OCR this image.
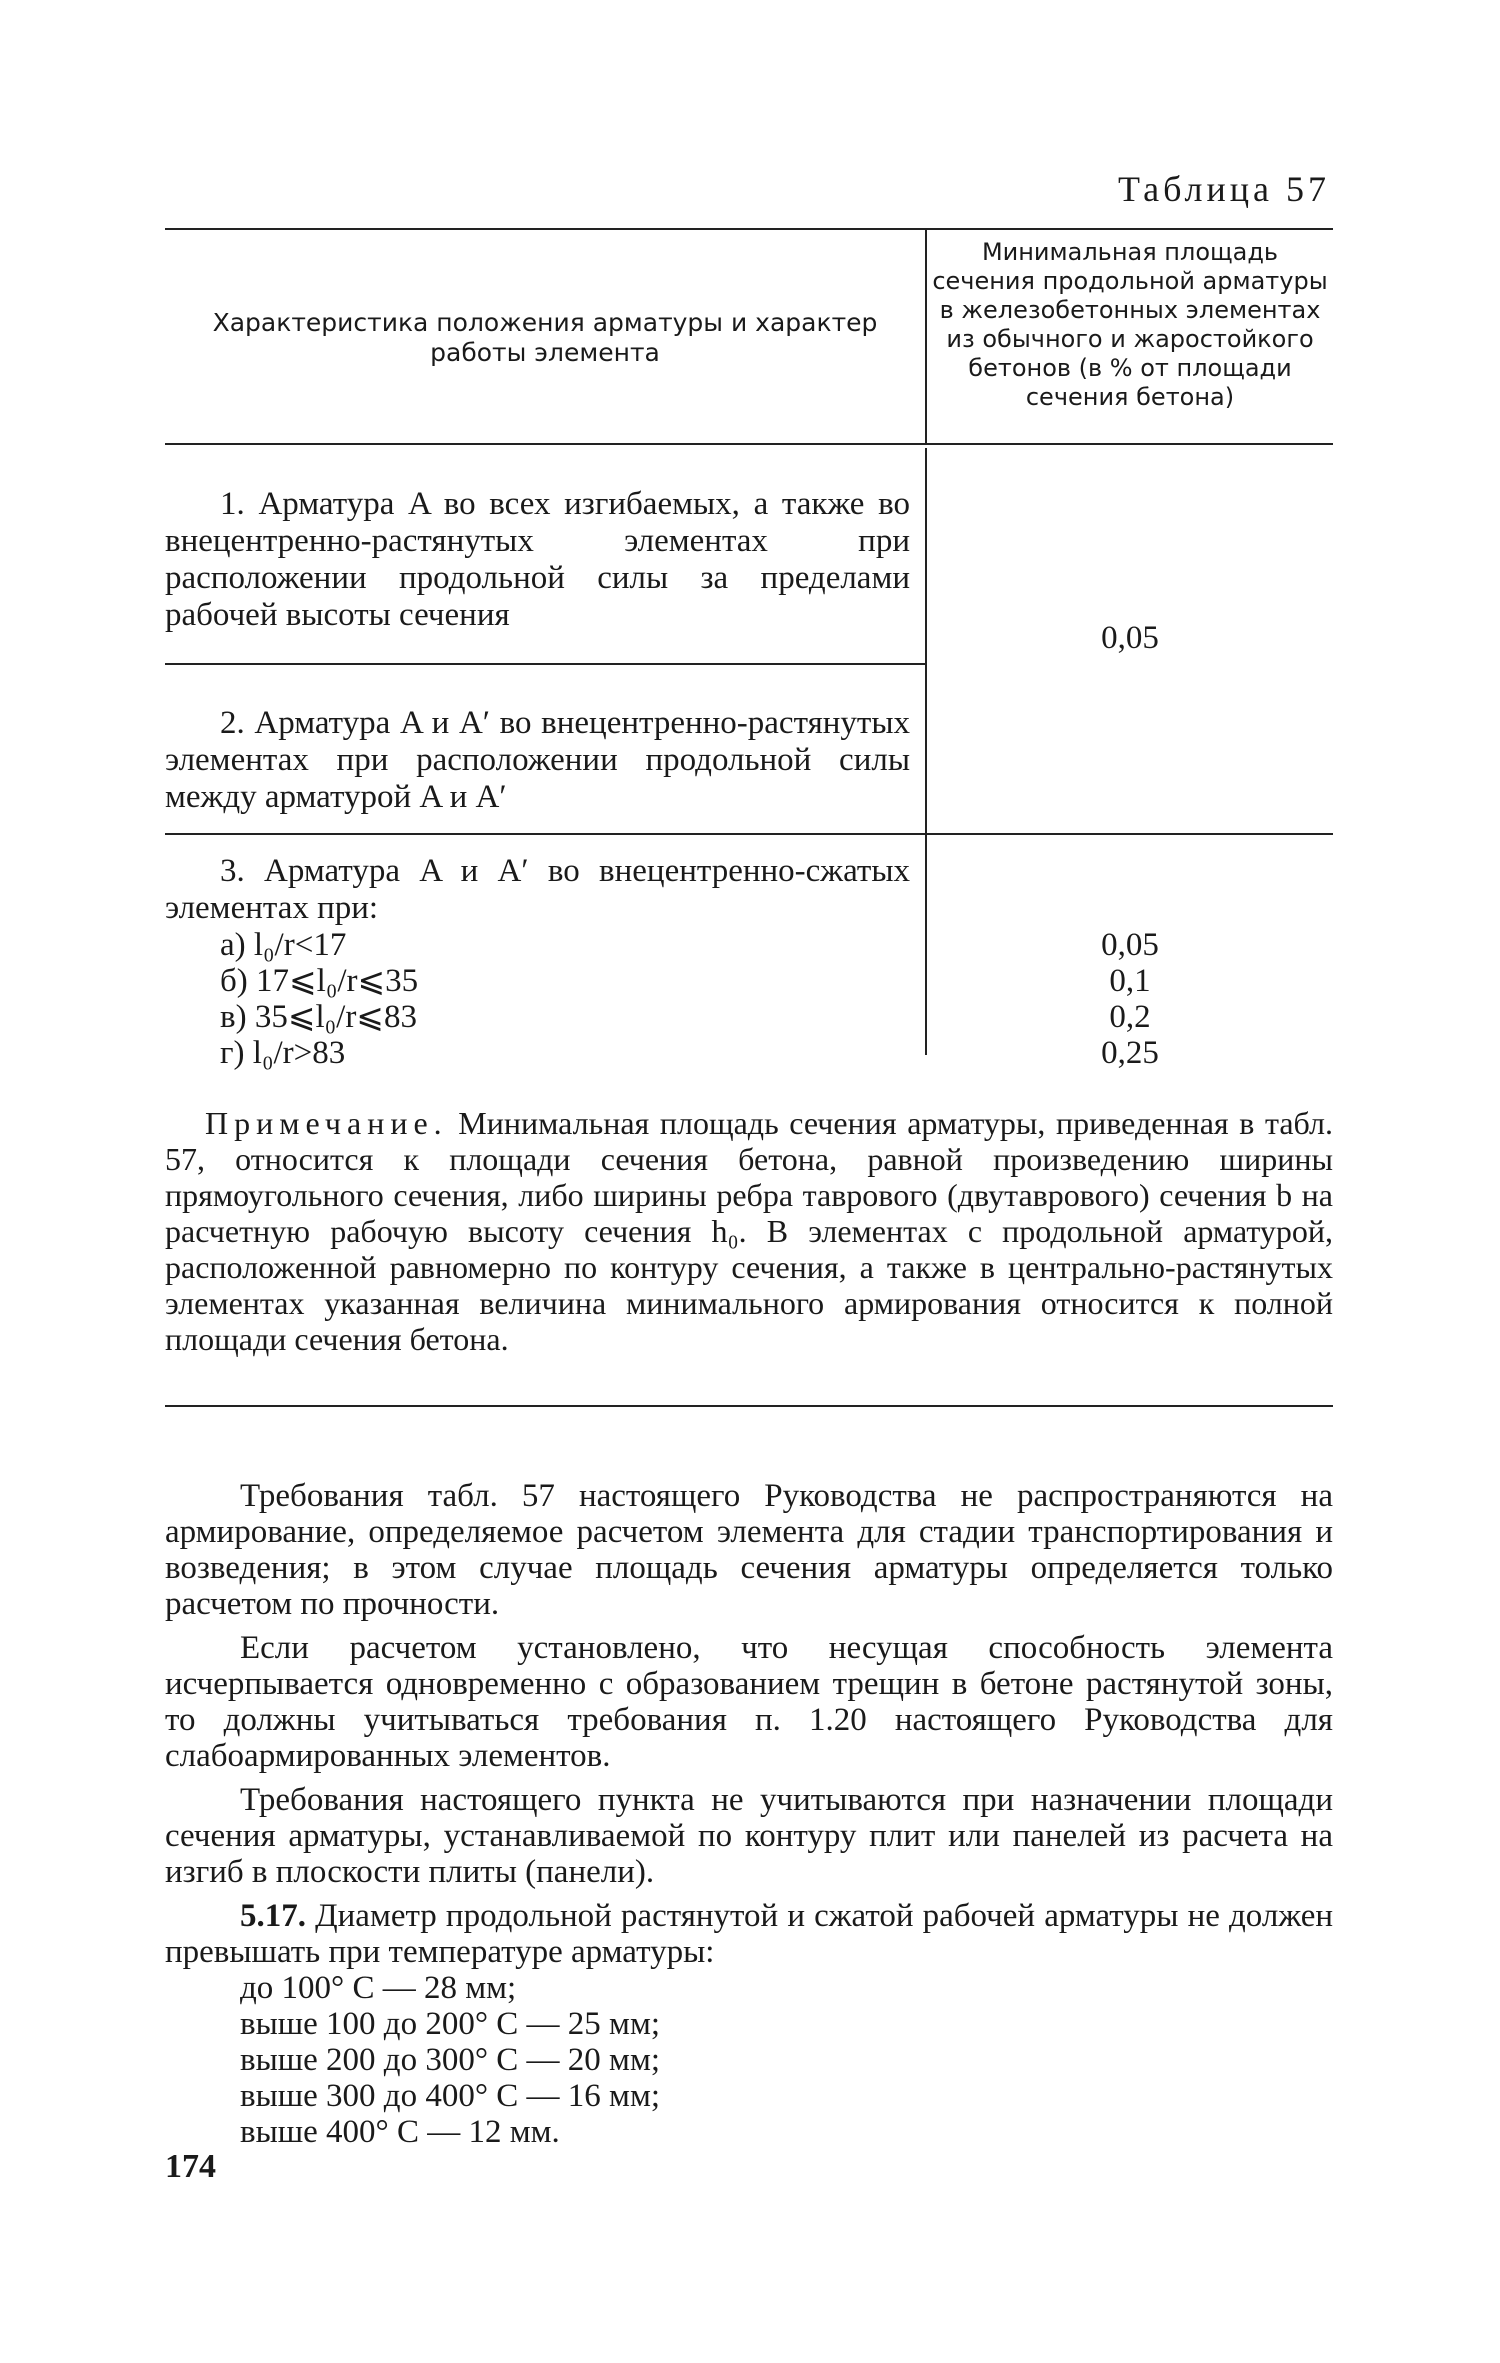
Таблица 57
Характеристика положения арматуры и характер работы элемента
Минимальная площадь сечения продольной арматуры в железобетонных элементах из обычного и жаростойкого бетонов (в % от площади сечения бетона)
1. Арматура A во всех изгибаемых, а также во внецентренно-растянутых элементах при расположении продольной силы за пределами рабочей высоты сечения
0,05
2. Арматура A и A′ во внецентренно-растянутых элементах при расположении продольной силы между арматурой A и A′
3. Арматура A и A′ во внецентренно-сжатых элементах при:
а) l₀/r<17
б) 17⩽l₀/r⩽35
в) 35⩽l₀/r⩽83
г) l₀/r>83
0,05
0,1
0,2
0,25
Примечание. Минимальная площадь сечения арматуры, приведенная в табл. 57, относится к площади сечения бетона, равной произведению ширины прямоугольного сечения, либо ширины ребра таврового (двутаврового) сечения b на расчетную рабочую высоту сечения h₀. В элементах с продольной арматурой, расположенной равномерно по контуру сечения, а также в центрально-растянутых элементах указанная величина минимального армирования относится к полной площади сечения бетона.

Требования табл. 57 настоящего Руководства не распространяются на армирование, определяемое расчетом элемента для стадии транспортирования и возведения; в этом случае площадь сечения арматуры определяется только расчетом по прочности.

Если расчетом установлено, что несущая способность элемента исчерпывается одновременно с образованием трещин в бетоне растянутой зоны, то должны учитываться требования п. 1.20 настоящего Руководства для слабоармированных элементов.

Требования настоящего пункта не учитываются при назначении площади сечения арматуры, устанавливаемой по контуру плит или панелей из расчета на изгиб в плоскости плиты (панели).

5.17. Диаметр продольной растянутой и сжатой рабочей арматуры не должен превышать при температуре арматуры:

до 100° С — 28 мм;
выше 100 до 200° С — 25 мм;
выше 200 до 300° С — 20 мм;
выше 300 до 400° С — 16 мм;
выше 400° С — 12 мм.
174
